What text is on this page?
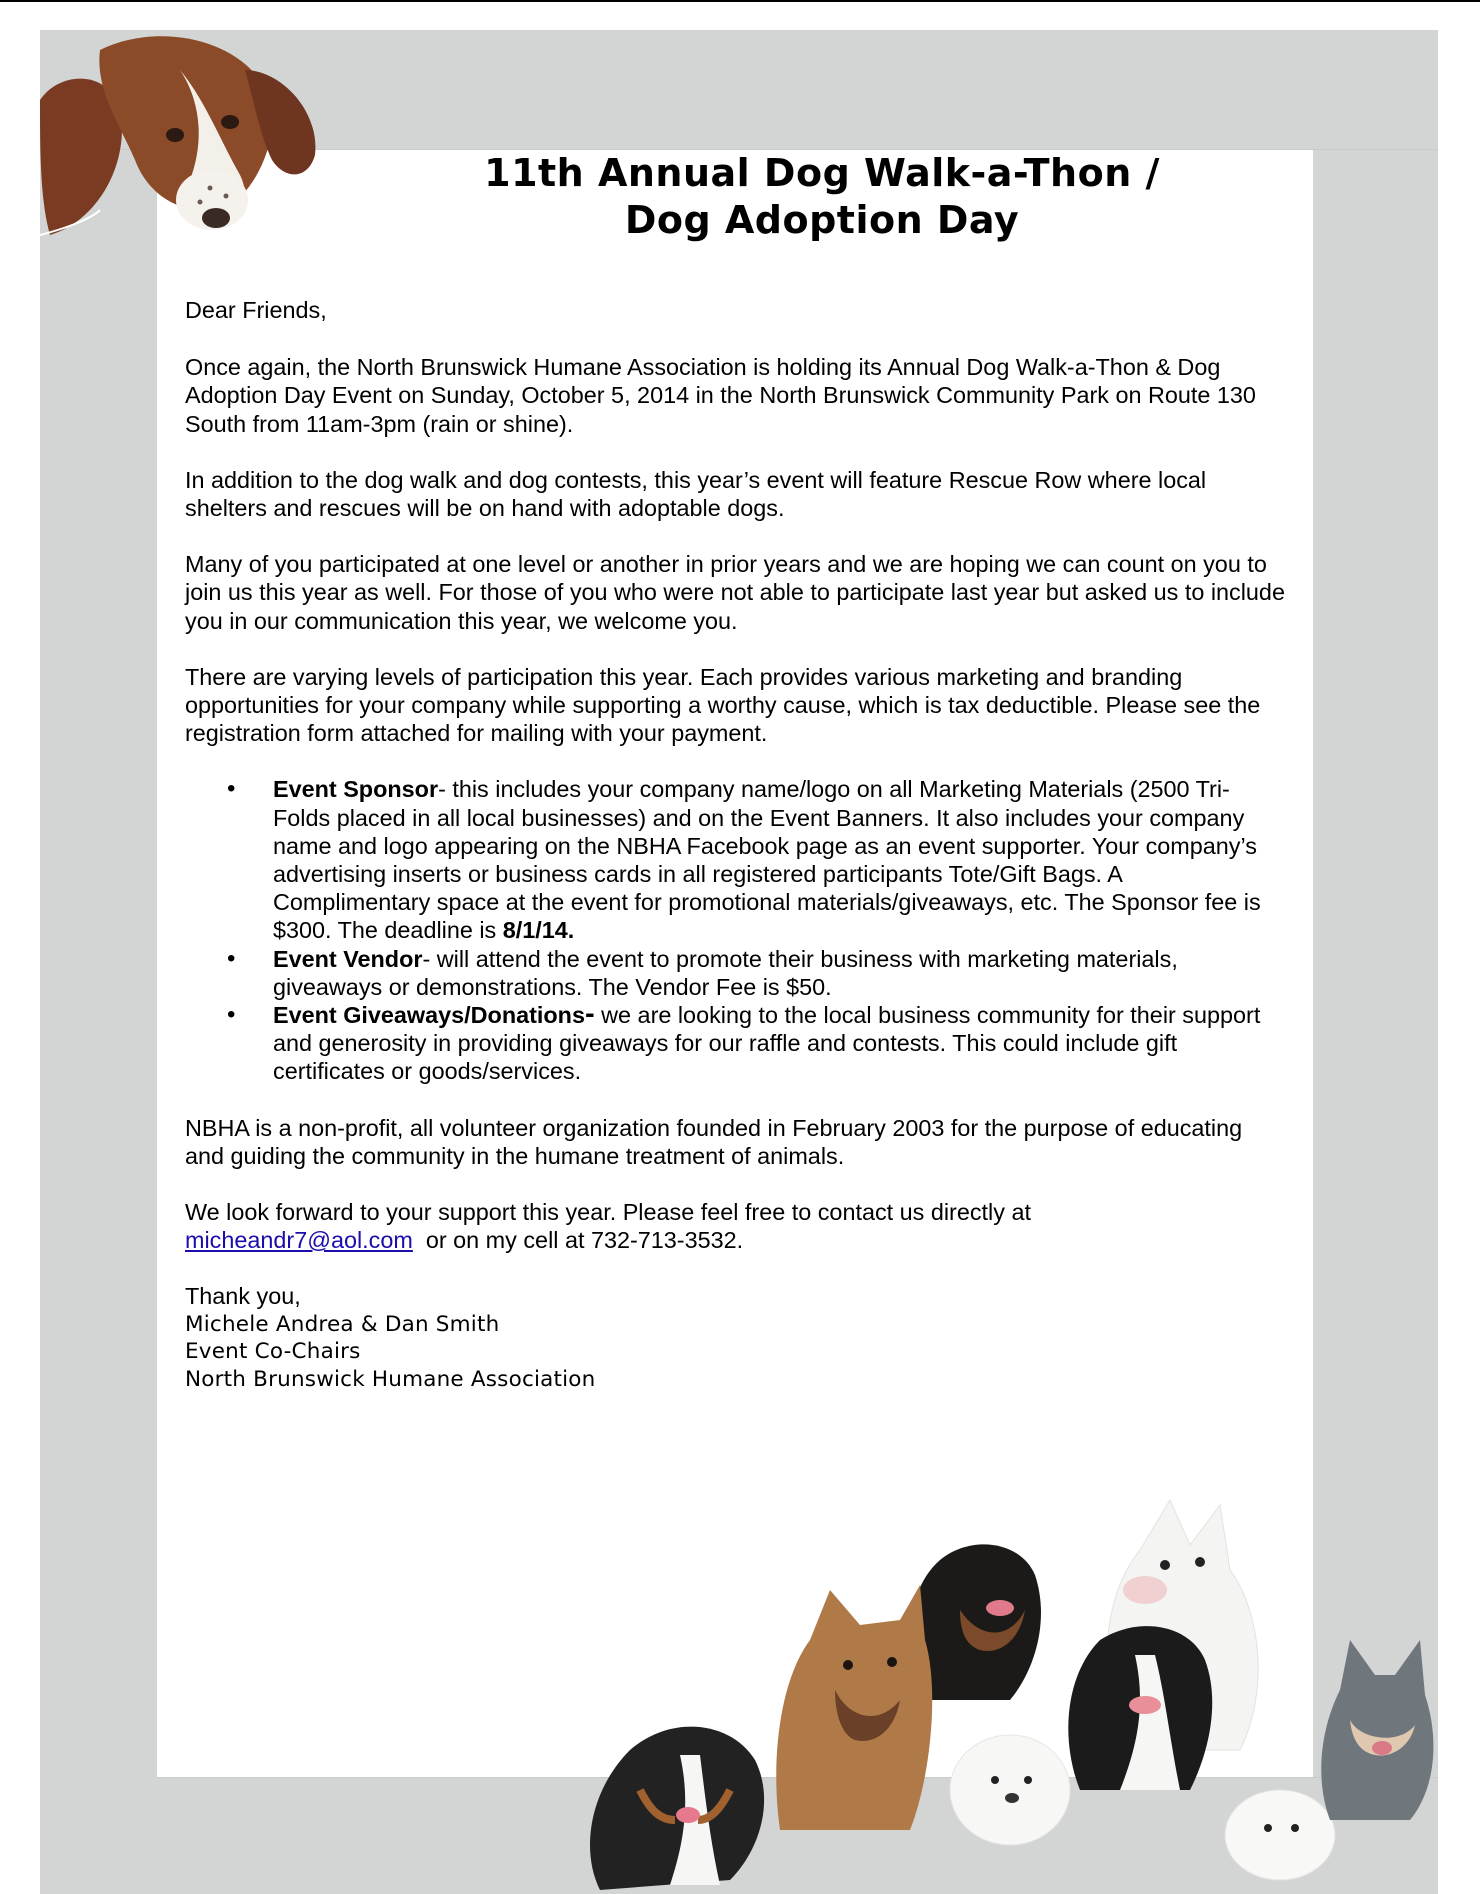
11th Annual Dog Walk-a-Thon /
Dog Adoption Day

Dear Friends,

Once again, the North Brunswick Humane Association is holding its Annual Dog Walk-a-Thon & Dog Adoption Day Event on Sunday, October 5, 2014 in the North Brunswick Community Park on Route 130 South from 11am-3pm (rain or shine).

In addition to the dog walk and dog contests, this year’s event will feature Rescue Row where local shelters and rescues will be on hand with adoptable dogs.

Many of you participated at one level or another in prior years and we are hoping we can count on you to join us this year as well. For those of you who were not able to participate last year but asked us to include you in our communication this year, we welcome you.

There are varying levels of participation this year. Each provides various marketing and branding opportunities for your company while supporting a worthy cause, which is tax deductible. Please see the registration form attached for mailing with your payment.

• Event Sponsor- this includes your company name/logo on all Marketing Materials (2500 Tri-Folds placed in all local businesses) and on the Event Banners. It also includes your company name and logo appearing on the NBHA Facebook page as an event supporter. Your company’s advertising inserts or business cards in all registered participants Tote/Gift Bags. A Complimentary space at the event for promotional materials/giveaways, etc. The Sponsor fee is $300. The deadline is 8/1/14.
• Event Vendor- will attend the event to promote their business with marketing materials, giveaways or demonstrations. The Vendor Fee is $50.
• Event Giveaways/Donations- we are looking to the local business community for their support and generosity in providing giveaways for our raffle and contests. This could include gift certificates or goods/services.

NBHA is a non-profit, all volunteer organization founded in February 2003 for the purpose of educating and guiding the community in the humane treatment of animals.

We look forward to your support this year. Please feel free to contact us directly at
micheandr7@aol.com  or on my cell at 732-713-3532.

Thank you,
Michele Andrea & Dan Smith
Event Co-Chairs
North Brunswick Humane Association
